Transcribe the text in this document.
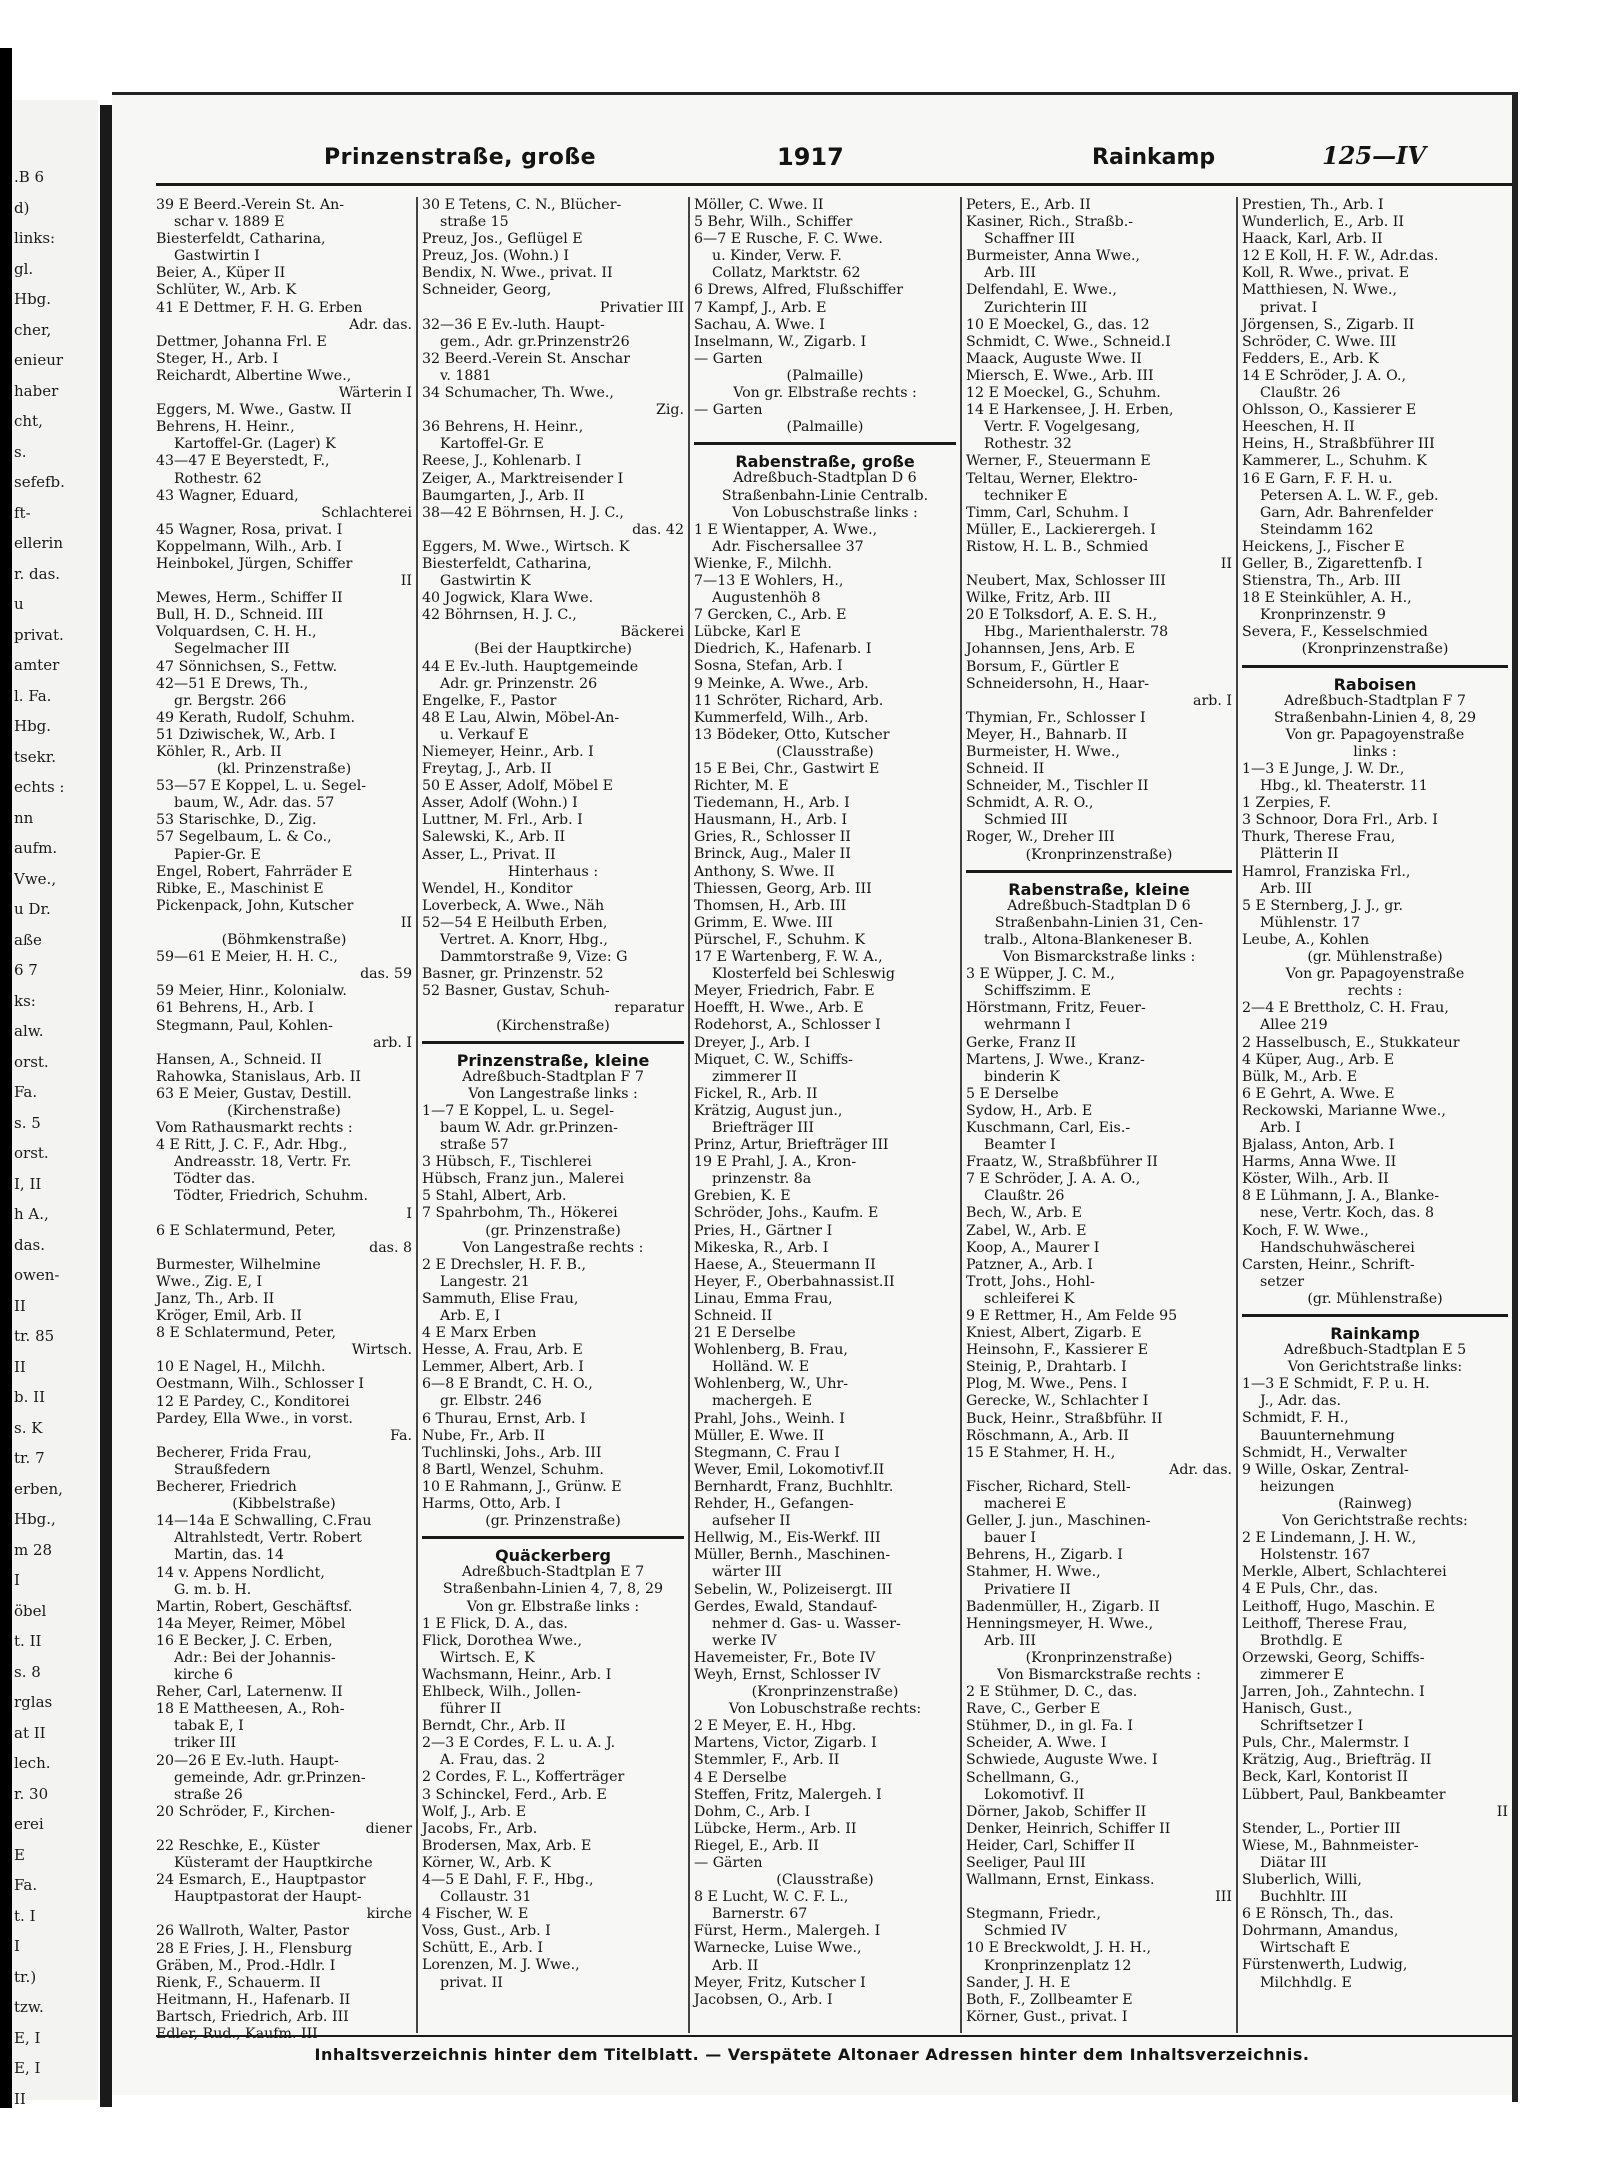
.B 6
d)
links:
gl.
Hbg.
cher,
enieur
haber
cht,
s.
sefefb.
ft-
ellerin
r. das.
u
privat.
amter
l. Fa.
Hbg.
tsekr.
echts :
nn
aufm.
Vwe.,
u Dr.
aße
6 7
ks:
alw.
orst.
Fa.
s. 5
orst.
I, II
h A.,
das.
owen-
II
tr. 85
II
b. II
s. K
tr. 7
erben,
Hbg.,
m 28
I
öbel
t. II
s. 8
rglas
at II
lech.
r. 30
erei
E
Fa.
t. I
I
tr.)
tzw.
E, I
E, I
II
Prinzenstraße, große	1917	Rainkamp	125—IV
39 E Beerd.-Verein St. An-
schar v. 1889 E
Biesterfeldt, Catharina,
Gastwirtin I
Beier, A., Küper II
Schlüter, W., Arb. K
41 E Dettmer, F. H. G. Erben
Adr. das.
Dettmer, Johanna Frl. E
Steger, H., Arb. I
Reichardt, Albertine Wwe.,
Wärterin I
Eggers, M. Wwe., Gastw. II
Behrens, H. Heinr.,
Kartoffel-Gr. (Lager) K
43—47 E Beyerstedt, F.,
Rothestr. 62
43 Wagner, Eduard,
Schlachterei
45 Wagner, Rosa, privat. I
Koppelmann, Wilh., Arb. I
Heinbokel, Jürgen, Schiffer
II
Mewes, Herm., Schiffer II
Bull, H. D., Schneid. III
Volquardsen, C. H. H.,
Segelmacher III
47 Sönnichsen, S., Fettw.
42—51 E Drews, Th.,
gr. Bergstr. 266
49 Kerath, Rudolf, Schuhm.
51 Dziwischek, W., Arb. I
Köhler, R., Arb. II
(kl. Prinzenstraße)
53—57 E Koppel, L. u. Segel-
baum, W., Adr. das. 57
53 Starischke, D., Zig.
57 Segelbaum, L. & Co.,
Papier-Gr. E
Engel, Robert, Fahrräder E
Ribke, E., Maschinist E
Pickenpack, John, Kutscher
II
(Böhmkenstraße)
59—61 E Meier, H. H. C.,
das. 59
59 Meier, Hinr., Kolonialw.
61 Behrens, H., Arb. I
Stegmann, Paul, Kohlen-
arb. I
Hansen, A., Schneid. II
Rahowka, Stanislaus, Arb. II
63 E Meier, Gustav, Destill.
(Kirchenstraße)
Vom Rathausmarkt rechts :
4 E Ritt, J. C. F., Adr. Hbg.,
Andreasstr. 18, Vertr. Fr.
Tödter das.
Tödter, Friedrich, Schuhm.
I
6 E Schlatermund, Peter,
das. 8
Burmester, Wilhelmine
Wwe., Zig. E, I
Janz, Th., Arb. II
Kröger, Emil, Arb. II
8 E Schlatermund, Peter,
Wirtsch.
10 E Nagel, H., Milchh.
Oestmann, Wilh., Schlosser I
12 E Pardey, C., Konditorei
Pardey, Ella Wwe., in vorst.
Fa.
Becherer, Frida Frau,
Straußfedern
Becherer, Friedrich
(Kibbelstraße)
14—14a E Schwalling, C.Frau
Altrahlstedt, Vertr. Robert
Martin, das. 14
14 v. Appens Nordlicht,
G. m. b. H.
Martin, Robert, Geschäftsf.
14a Meyer, Reimer, Möbel
16 E Becker, J. C. Erben,
Adr.: Bei der Johannis-
kirche 6
Reher, Carl, Laternenw. II
18 E Mattheesen, A., Roh-
tabak E, I
triker III
20—26 E Ev.-luth. Haupt-
gemeinde, Adr. gr.Prinzen-
straße 26
20 Schröder, F., Kirchen-
diener
22 Reschke, E., Küster
Küsteramt der Hauptkirche
24 Esmarch, E., Hauptpastor
Hauptpastorat der Haupt-
kirche
26 Wallroth, Walter, Pastor
28 E Fries, J. H., Flensburg
Gräben, M., Prod.-Hdlr. I
Rienk, F., Schauerm. II
Heitmann, H., Hafenarb. II
Bartsch, Friedrich, Arb. III
30 E Tetens, C. N., Blücher-
straße 15
Preuz, Jos., Geflügel E
Preuz, Jos. (Wohn.) I
Bendix, N. Wwe., privat. II
Schneider, Georg,
Privatier III
32—36 E Ev.-luth. Haupt-
gem., Adr. gr.Prinzenstr26
32 Beerd.-Verein St. Anschar
v. 1881
34 Schumacher, Th. Wwe.,
Zig.
36 Behrens, H. Heinr.,
Kartoffel-Gr. E
Reese, J., Kohlenarb. I
Zeiger, A., Marktreisender I
Baumgarten, J., Arb. II
38—42 E Böhrnsen, H. J. C.,
das. 42
Eggers, M. Wwe., Wirtsch. K
Biesterfeldt, Catharina,
Gastwirtin K
40 Jogwick, Klara Wwe.
42 Böhrnsen, H. J. C.,
Bäckerei
(Bei der Hauptkirche)
44 E Ev.-luth. Hauptgemeinde
Adr. gr. Prinzenstr. 26
Engelke, F., Pastor
48 E Lau, Alwin, Möbel-An-
u. Verkauf E
Niemeyer, Heinr., Arb. I
Freytag, J., Arb. II
50 E Asser, Adolf, Möbel E
Asser, Adolf (Wohn.) I
Luttner, M. Frl., Arb. I
Salewski, K., Arb. II
Asser, L., Privat. II
Hinterhaus :
Wendel, H., Konditor
Loverbeck, A. Wwe., Näh
52—54 E Heilbuth Erben,
Vertret. A. Knorr, Hbg.,
Dammtorstraße 9, Vize: G
Basner, gr. Prinzenstr. 52
52 Basner, Gustav, Schuh-
reparatur
(Kirchenstraße)
Prinzenstraße, kleine
Adreßbuch-Stadtplan F 7
Von Langestraße links :
1—7 E Koppel, L. u. Segel-
baum W. Adr. gr.Prinzen-
straße 57
3 Hübsch, F., Tischlerei
Hübsch, Franz jun., Malerei
5 Stahl, Albert, Arb.
7 Spahrbohm, Th., Hökerei
(gr. Prinzenstraße)
Von Langestraße rechts :
2 E Drechsler, H. F. B.,
Langestr. 21
Sammuth, Elise Frau,
Arb. E, I
4 E Marx Erben
Hesse, A. Frau, Arb. E
Lemmer, Albert, Arb. I
6—8 E Brandt, C. H. O.,
gr. Elbstr. 246
6 Thurau, Ernst, Arb. I
Nube, Fr., Arb. II
Tuchlinski, Johs., Arb. III
8 Bartl, Wenzel, Schuhm.
10 E Rahmann, J., Grünw. E
Harms, Otto, Arb. I
(gr. Prinzenstraße)
Quäckerberg
Adreßbuch-Stadtplan E 7
Straßenbahn-Linien 4, 7, 8, 29
Von gr. Elbstraße links :
1 E Flick, D. A., das.
Flick, Dorothea Wwe.,
Wirtsch. E, K
Wachsmann, Heinr., Arb. I
Ehlbeck, Wilh., Jollen-
führer II
Berndt, Chr., Arb. II
2—3 E Cordes, F. L. u. A. J.
A. Frau, das. 2
2 Cordes, F. L., Kofferträger
3 Schinckel, Ferd., Arb. E
Wolf, J., Arb. E
Jacobs, Fr., Arb.
Brodersen, Max, Arb. E
Körner, W., Arb. K
4—5 E Dahl, F. F., Hbg.,
Collaustr. 31
4 Fischer, W. E
Voss, Gust., Arb. I
Schütt, E., Arb. I
Lorenzen, M. J. Wwe.,
privat. II
Möller, C. Wwe. II
5 Behr, Wilh., Schiffer
6—7 E Rusche, F. C. Wwe.
u. Kinder, Verw. F.
Collatz, Marktstr. 62
6 Drews, Alfred, Flußschiffer
7 Kampf, J., Arb. E
Sachau, A. Wwe. I
Inselmann, W., Zigarb. I
— Garten
(Palmaille)
Von gr. Elbstraße rechts :
— Garten
(Palmaille)
Rabenstraße, große
Adreßbuch-Stadtplan D 6
Straßenbahn-Linie Centralb.
Von Lobuschstraße links :
1 E Wientapper, A. Wwe.,
Adr. Fischersallee 37
Wienke, F., Milchh.
7—13 E Wohlers, H.,
Augustenhöh 8
7 Gercken, C., Arb. E
Lübcke, Karl E
Diedrich, K., Hafenarb. I
Sosna, Stefan, Arb. I
9 Meinke, A. Wwe., Arb.
11 Schröter, Richard, Arb.
Kummerfeld, Wilh., Arb.
13 Bödeker, Otto, Kutscher
(Clausstraße)
15 E Bei, Chr., Gastwirt E
Richter, M. E
Tiedemann, H., Arb. I
Hausmann, H., Arb. I
Gries, R., Schlosser II
Brinck, Aug., Maler II
Anthony, S. Wwe. II
Thiessen, Georg, Arb. III
Thomsen, H., Arb. III
Grimm, E. Wwe. III
Pürschel, F., Schuhm. K
17 E Wartenberg, F. W. A.,
Klosterfeld bei Schleswig
Meyer, Friedrich, Fabr. E
Hoefft, H. Wwe., Arb. E
Rodehorst, A., Schlosser I
Dreyer, J., Arb. I
Miquet, C. W., Schiffs-
zimmerer II
Fickel, R., Arb. II
Krätzig, August jun.,
Briefträger III
Prinz, Artur, Briefträger III
19 E Prahl, J. A., Kron-
prinzenstr. 8a
Grebien, K. E
Schröder, Johs., Kaufm. E
Pries, H., Gärtner I
Mikeska, R., Arb. I
Haese, A., Steuermann II
Heyer, F., Oberbahnassist.II
Linau, Emma Frau,
Schneid. II
21 E Derselbe
Wohlenberg, B. Frau,
Holländ. W. E
Wohlenberg, W., Uhr-
machergeh. E
Prahl, Johs., Weinh. I
Müller, E. Wwe. II
Stegmann, C. Frau I
Wever, Emil, Lokomotivf.II
Bernhardt, Franz, Buchhltr.
Rehder, H., Gefangen-
aufseher II
Hellwig, M., Eis-Werkf. III
Müller, Bernh., Maschinen-
wärter III
Sebelin, W., Polizeisergt. III
Gerdes, Ewald, Standauf-
nehmer d. Gas- u. Wasser-
werke IV
Havemeister, Fr., Bote IV
Weyh, Ernst, Schlosser IV
(Kronprinzenstraße)
Von Lobuschstraße rechts:
2 E Meyer, E. H., Hbg.
Martens, Victor, Zigarb. I
Stemmler, F., Arb. II
4 E Derselbe
Steffen, Fritz, Malergeh. I
Dohm, C., Arb. I
Lübcke, Herm., Arb. II
Riegel, E., Arb. II
— Gärten
(Clausstraße)
8 E Lucht, W. C. F. L.,
Barnerstr. 67
Fürst, Herm., Malergeh. I
Warnecke, Luise Wwe.,
Arb. II
Meyer, Fritz, Kutscher I
Jacobsen, O., Arb. I
Peters, E., Arb. II
Kasiner, Rich., Straßb.-
Schaffner III
Burmeister, Anna Wwe.,
Arb. III
Delfendahl, E. Wwe.,
Zurichterin III
10 E Moeckel, G., das. 12
Schmidt, C. Wwe., Schneid.I
Maack, Auguste Wwe. II
Miersch, E. Wwe., Arb. III
12 E Moeckel, G., Schuhm.
14 E Harkensee, J. H. Erben,
Vertr. F. Vogelgesang,
Rothestr. 32
Werner, F., Steuermann E
Teltau, Werner, Elektro-
techniker E
Timm, Carl, Schuhm. I
Müller, E., Lackierergeh. I
Ristow, H. L. B., Schmied
II
Neubert, Max, Schlosser III
Wilke, Fritz, Arb. III
20 E Tolksdorf, A. E. S. H.,
Hbg., Marienthalerstr. 78
Johannsen, Jens, Arb. E
Borsum, F., Gürtler E
Schneidersohn, H., Haar-
arb. I
Thymian, Fr., Schlosser I
Meyer, H., Bahnarb. II
Burmeister, H. Wwe.,
Schneid. II
Schneider, M., Tischler II
Schmidt, A. R. O.,
Schmied III
Roger, W., Dreher III
(Kronprinzenstraße)
Rabenstraße, kleine
Adreßbuch-Stadtplan D 6
Straßenbahn-Linien 31, Cen-
tralb., Altona-Blankeneser B.
Von Bismarckstraße links :
3 E Wüpper, J. C. M.,
Schiffszimm. E
Hörstmann, Fritz, Feuer-
wehrmann I
Gerke, Franz II
Martens, J. Wwe., Kranz-
binderin K
5 E Derselbe
Sydow, H., Arb. E
Kuschmann, Carl, Eis.-
Beamter I
Fraatz, W., Straßbführer II
7 E Schröder, J. A. A. O.,
Claußtr. 26
Bech, W., Arb. E
Zabel, W., Arb. E
Koop, A., Maurer I
Patzner, A., Arb. I
Trott, Johs., Hohl-
schleiferei K
9 E Rettmer, H., Am Felde 95
Kniest, Albert, Zigarb. E
Heinsohn, F., Kassierer E
Steinig, P., Drahtarb. I
Plog, M. Wwe., Pens. I
Gerecke, W., Schlachter I
Buck, Heinr., Straßbführ. II
Röschmann, A., Arb. II
15 E Stahmer, H. H.,
Adr. das.
Fischer, Richard, Stell-
macherei E
Geller, J. jun., Maschinen-
bauer I
Behrens, H., Zigarb. I
Stahmer, H. Wwe.,
Privatiere II
Badenmüller, H., Zigarb. II
Henningsmeyer, H. Wwe.,
Arb. III
(Kronprinzenstraße)
Von Bismarckstraße rechts :
2 E Stühmer, D. C., das.
Rave, C., Gerber E
Stühmer, D., in gl. Fa. I
Scheider, A. Wwe. I
Schwiede, Auguste Wwe. I
Schellmann, G.,
Lokomotivf. II
Dörner, Jakob, Schiffer II
Denker, Heinrich, Schiffer II
Heider, Carl, Schiffer II
Seeliger, Paul III
Wallmann, Ernst, Einkass.
III
Stegmann, Friedr.,
Schmied IV
10 E Breckwoldt, J. H. H.,
Kronprinzenplatz 12
Sander, J. H. E
Both, F., Zollbeamter E
Körner, Gust., privat. I
Prestien, Th., Arb. I
Wunderlich, E., Arb. II
Haack, Karl, Arb. II
12 E Koll, H. F. W., Adr.das.
Koll, R. Wwe., privat. E
Matthiesen, N. Wwe.,
privat. I
Jörgensen, S., Zigarb. II
Schröder, C. Wwe. III
Fedders, E., Arb. K
14 E Schröder, J. A. O.,
Claußtr. 26
Ohlsson, O., Kassierer E
Heeschen, H. II
Heins, H., Straßbführer III
Kammerer, L., Schuhm. K
16 E Garn, F. F. H. u.
Petersen A. L. W. F., geb.
Garn, Adr. Bahrenfelder
Steindamm 162
Heickens, J., Fischer E
Geller, B., Zigarettenfb. I
Stienstra, Th., Arb. III
18 E Steinkühler, A. H.,
Kronprinzenstr. 9
Severa, F., Kesselschmied
(Kronprinzenstraße)
Raboisen
Adreßbuch-Stadtplan F 7
Straßenbahn-Linien 4, 8, 29
Von gr. Papagoyenstraße
links :
1—3 E Junge, J. W. Dr.,
Hbg., kl. Theaterstr. 11
1 Zerpies, F.
3 Schnoor, Dora Frl., Arb. I
Thurk, Therese Frau,
Plätterin II
Hamrol, Franziska Frl.,
Arb. III
5 E Sternberg, J. J., gr.
Mühlenstr. 17
Leube, A., Kohlen
(gr. Mühlenstraße)
Von gr. Papagoyenstraße
rechts :
2—4 E Brettholz, C. H. Frau,
Allee 219
2 Hasselbusch, E., Stukkateur
4 Küper, Aug., Arb. E
Bülk, M., Arb. E
6 E Gehrt, A. Wwe. E
Reckowski, Marianne Wwe.,
Arb. I
Bjalass, Anton, Arb. I
Harms, Anna Wwe. II
Köster, Wilh., Arb. II
8 E Lühmann, J. A., Blanke-
nese, Vertr. Koch, das. 8
Koch, F. W. Wwe.,
Handschuhwäscherei
Carsten, Heinr., Schrift-
setzer
(gr. Mühlenstraße)
Rainkamp
Adreßbuch-Stadtplan E 5
Von Gerichtstraße links:
1—3 E Schmidt, F. P. u. H.
J., Adr. das.
Schmidt, F. H.,
Bauunternehmung
Schmidt, H., Verwalter
9 Wille, Oskar, Zentral-
heizungen
(Rainweg)
Von Gerichtstraße rechts:
2 E Lindemann, J. H. W.,
Holstenstr. 167
Merkle, Albert, Schlachterei
4 E Puls, Chr., das.
Leithoff, Hugo, Maschin. E
Leithoff, Therese Frau,
Brothdlg. E
Orzewski, Georg, Schiffs-
zimmerer E
Jarren, Joh., Zahntechn. I
Hanisch, Gust.,
Schriftsetzer I
Puls, Chr., Malermstr. I
Krätzig, Aug., Briefträg. II
Beck, Karl, Kontorist II
Lübbert, Paul, Bankbeamter
II
Stender, L., Portier III
Wiese, M., Bahnmeister-
Diätar III
Sluberlich, Willi,
Buchhltr. III
6 E Rönsch, Th., das.
Dohrmann, Amandus,
Wirtschaft E
Fürstenwerth, Ludwig,
Milchhdlg. E
Inhaltsverzeichnis hinter dem Titelblatt. — Verspätete Altonaer Adressen hinter dem Inhaltsverzeichnis.
